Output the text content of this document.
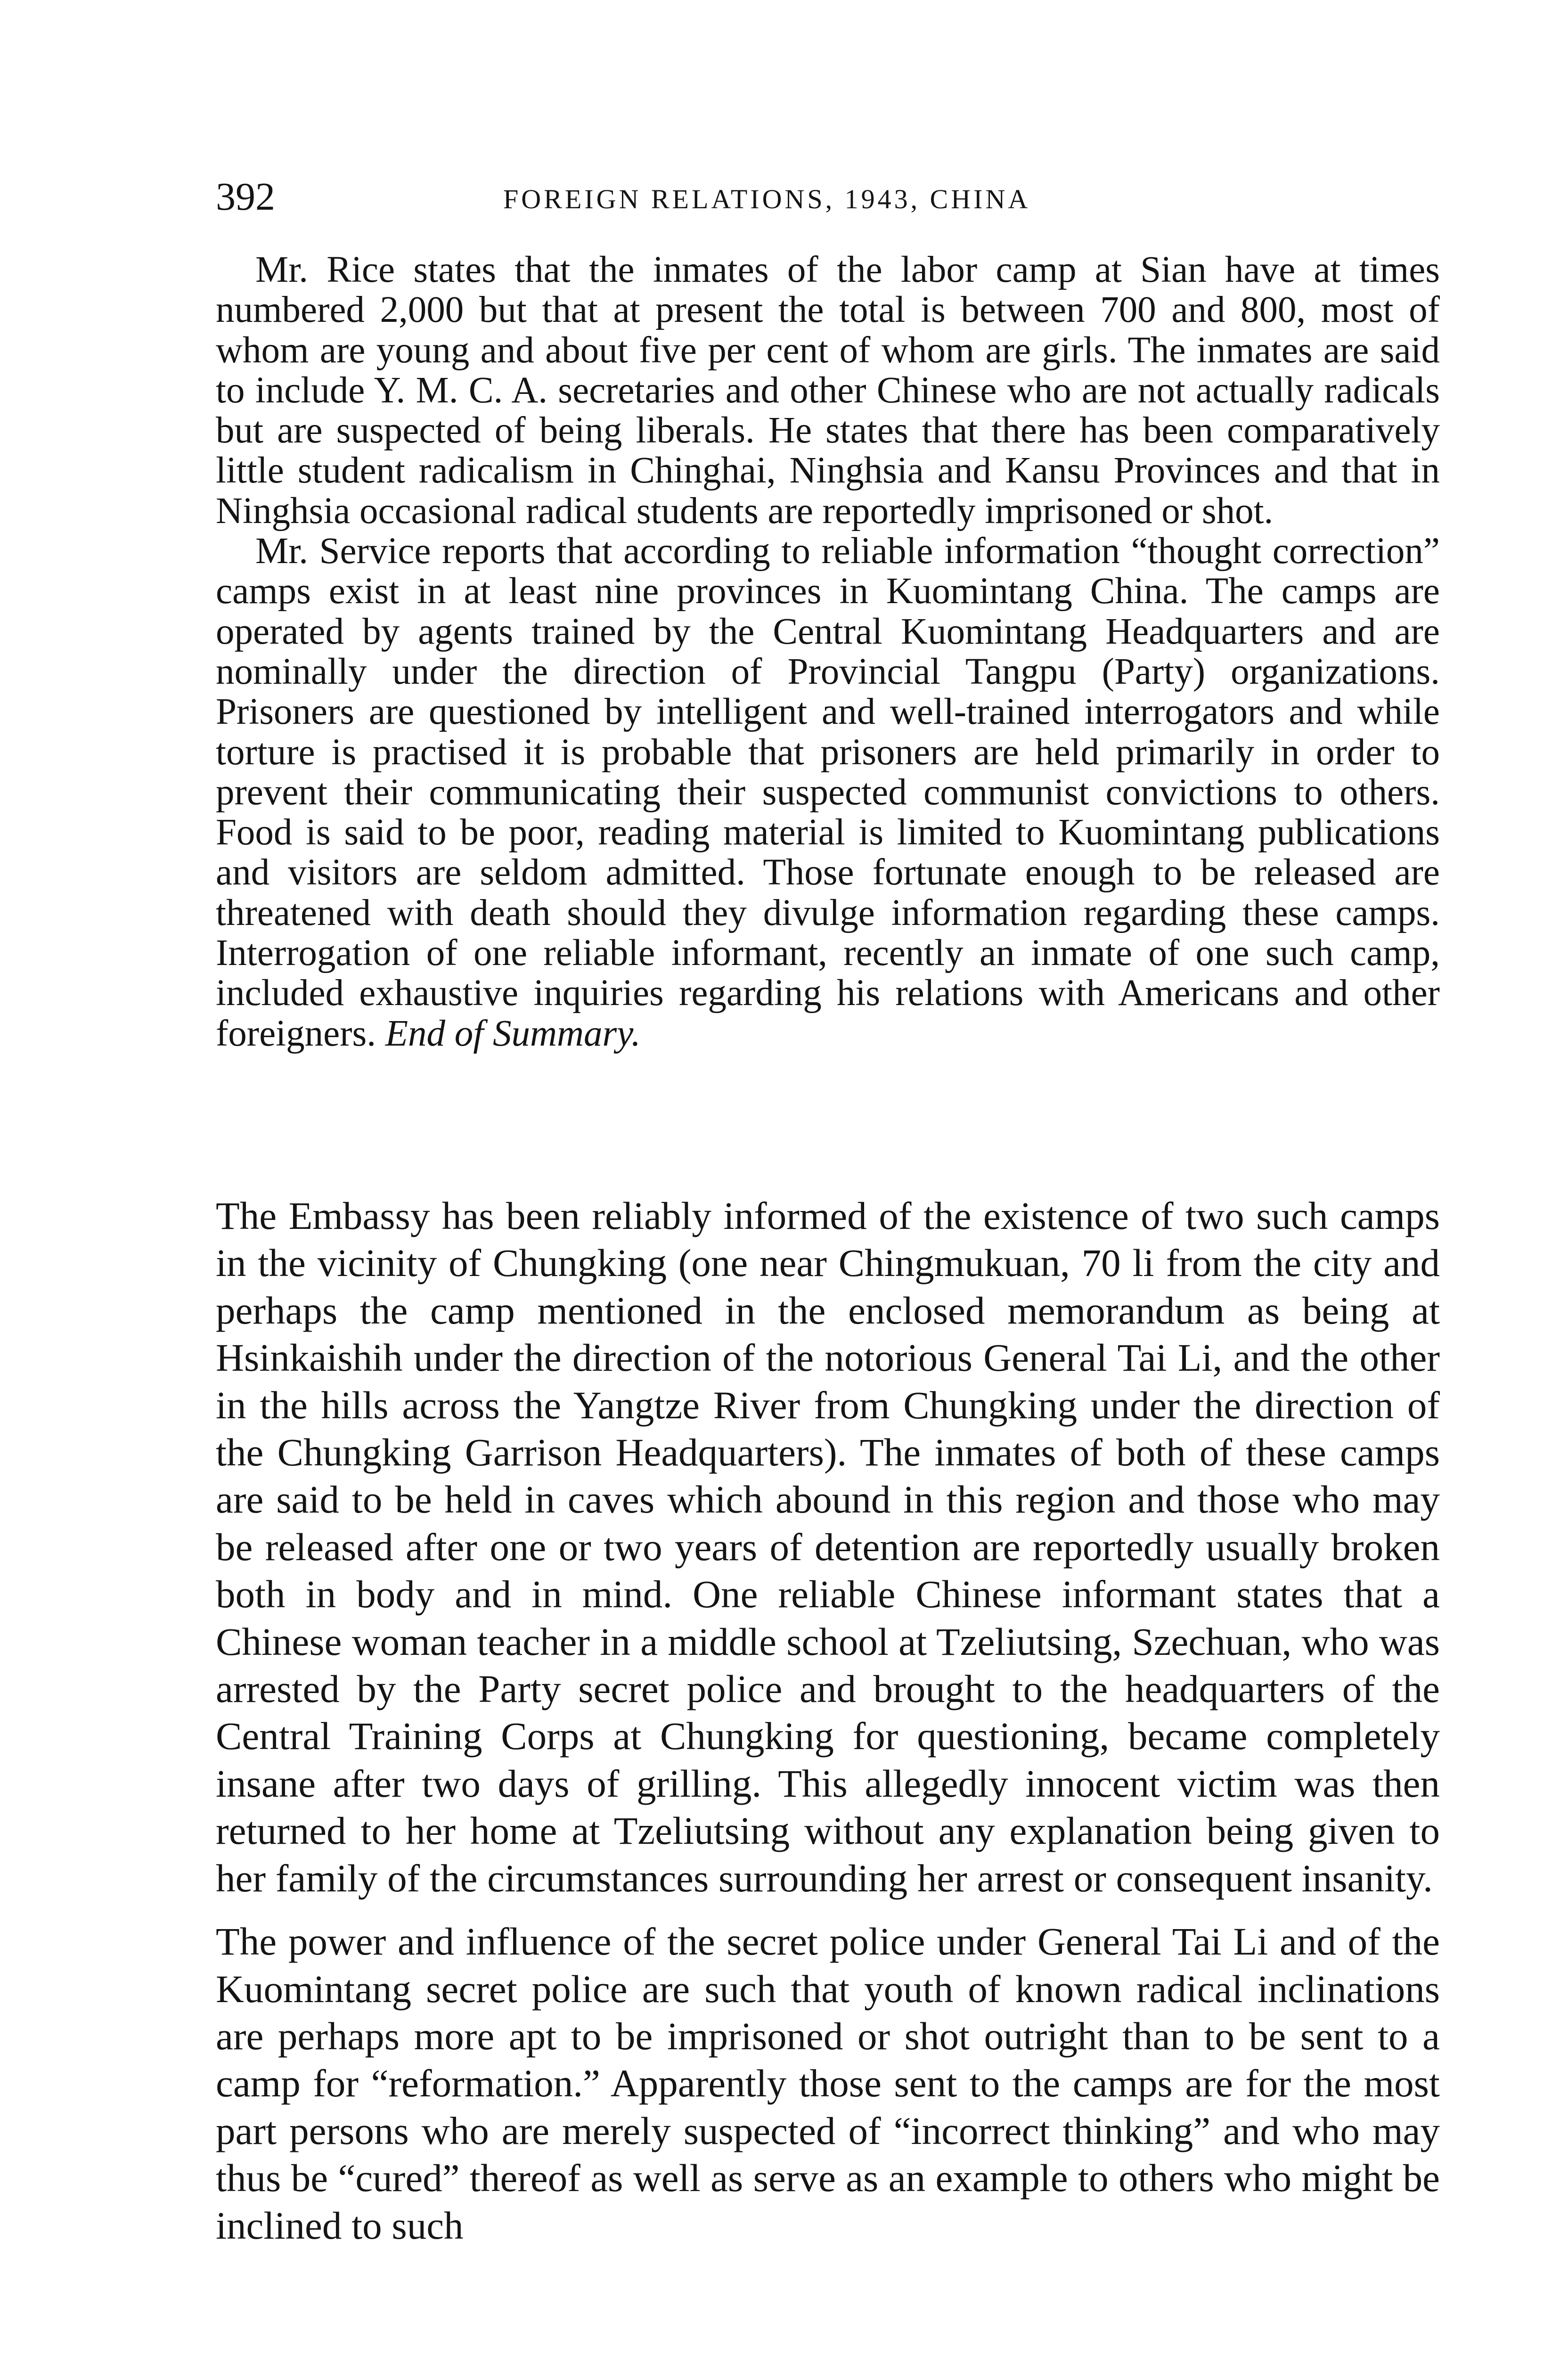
392	FOREIGN RELATIONS, 1943, CHINA

Mr. Rice states that the inmates of the labor camp at Sian have at times numbered 2,000 but that at present the total is between 700 and 800, most of whom are young and about five per cent of whom are girls. The inmates are said to include Y. M. C. A. secretaries and other Chinese who are not actually radicals but are suspected of being liberals. He states that there has been comparatively little student radicalism in Chinghai, Ninghsia and Kansu Provinces and that in Ninghsia occasional radical students are reportedly imprisoned or shot.

Mr. Service reports that according to reliable information “thought correction” camps exist in at least nine provinces in Kuomintang China. The camps are operated by agents trained by the Central Kuomintang Headquarters and are nominally under the direction of Provincial Tangpu (Party) organizations. Prisoners are questioned by intelligent and well-trained interrogators and while torture is practised it is probable that prisoners are held primarily in order to prevent their communicating their suspected communist convictions to others. Food is said to be poor, reading material is limited to Kuomintang publications and visitors are seldom admitted. Those fortunate enough to be released are threatened with death should they divulge information regarding these camps. Interrogation of one reliable informant, recently an inmate of one such camp, included exhaustive inquiries regarding his relations with Americans and other foreigners. End of Summary.

The Embassy has been reliably informed of the existence of two such camps in the vicinity of Chungking (one near Chingmukuan, 70 li from the city and perhaps the camp mentioned in the enclosed memorandum as being at Hsinkaishih under the direction of the notorious General Tai Li, and the other in the hills across the Yangtze River from Chungking under the direction of the Chungking Garrison Headquarters). The inmates of both of these camps are said to be held in caves which abound in this region and those who may be released after one or two years of detention are reportedly usually broken both in body and in mind. One reliable Chinese informant states that a Chinese woman teacher in a middle school at Tzeliutsing, Szechuan, who was arrested by the Party secret police and brought to the headquarters of the Central Training Corps at Chungking for questioning, became completely insane after two days of grilling. This allegedly innocent victim was then returned to her home at Tzeliutsing without any explanation being given to her family of the circumstances surrounding her arrest or consequent insanity.

The power and influence of the secret police under General Tai Li and of the Kuomintang secret police are such that youth of known radical inclinations are perhaps more apt to be imprisoned or shot outright than to be sent to a camp for “reformation.” Apparently those sent to the camps are for the most part persons who are merely suspected of “incorrect thinking” and who may thus be “cured” thereof as well as serve as an example to others who might be inclined to such
